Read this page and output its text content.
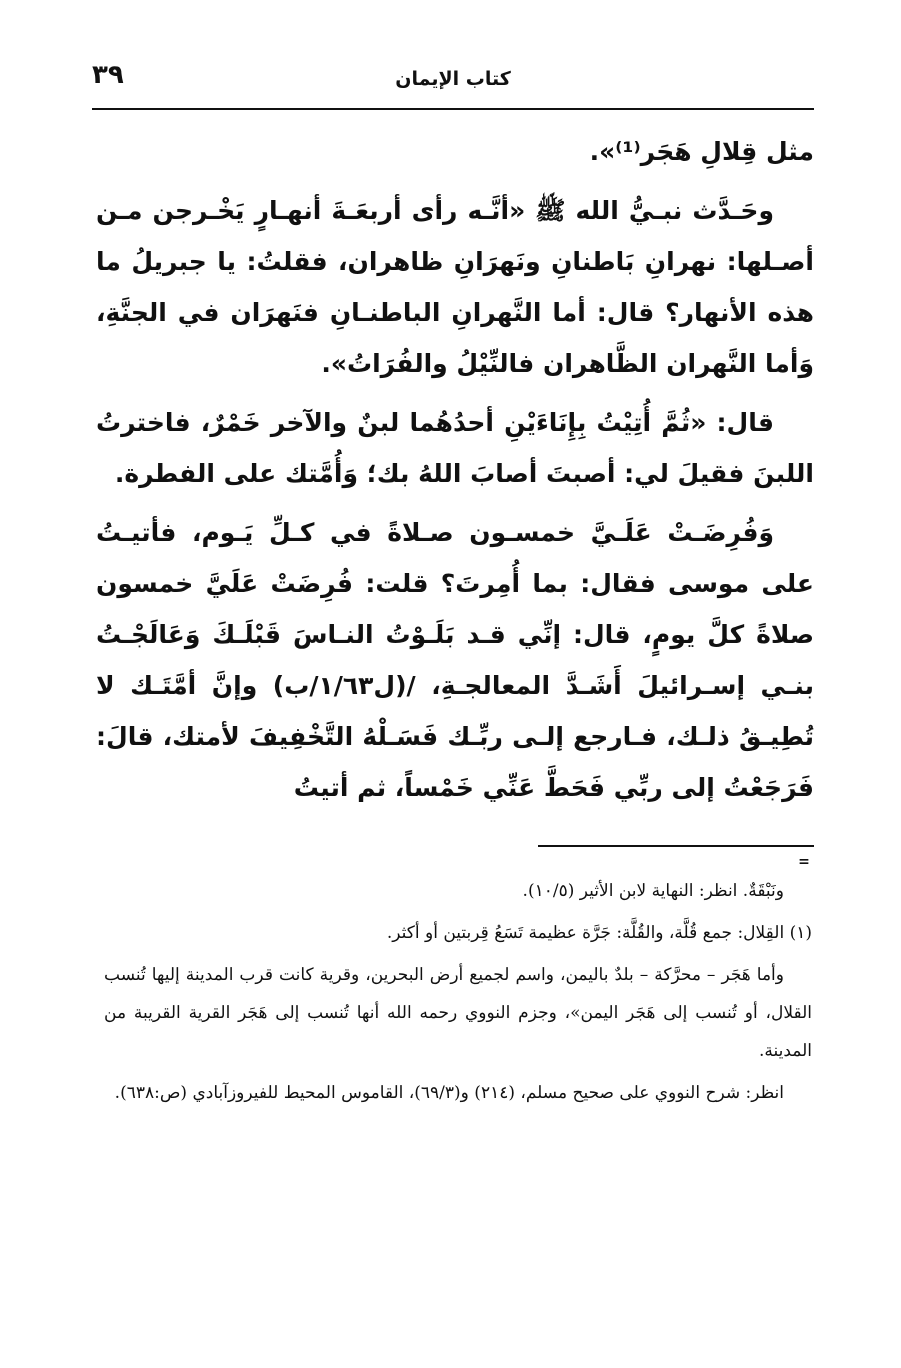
٣٩	كتاب الإيمان

مثل قِلالِ هَجَر⁽¹⁾».

وحَـدَّث نبـيُّ الله ﷺ «أنَّـه رأى أربعَـةَ أنهـارٍ يَخْـرجن مـن أصـلها: نهرانِ بَاطنانِ ونَهرَانِ ظاهران، فقلتُ: يا جبريلُ ما هذه الأنهار؟ قال: أما النَّهرانِ الباطنـانِ فنَهرَان في الجنَّةِ، وَأما النَّهران الظَّاهران فالنِّيْلُ والفُرَاتُ».

قال: «ثُمَّ أُتِيْتُ بِإِنَاءَيْنِ أحدُهُما لبنٌ والآخر خَمْرٌ، فاخترتُ اللبنَ فقيلَ لي: أصبتَ أصابَ اللهُ بك؛ وَأُمَّتك على الفطرة.

وَفُرِضَـتْ عَلَـيَّ خمسـون صـلاةً في كـلِّ يَـوم، فأتيـتُ على موسى فقال: بما أُمِرتَ؟ قلت: فُرِضَتْ عَلَيَّ خمسون صلاةً كلَّ يومٍ، قال: إنِّي قـد بَلَـوْتُ النـاسَ قَبْلَـكَ وَعَالَجْـتُ بنـي إسـرائيلَ أَشَـدَّ المعالجـةِ، /(ل١/٦٣/ب) وإنَّ أمَّتَـك لا تُطِيـقُ ذلـك، فـارجع إلـى ربِّـك فَسَـلْهُ التَّخْفِيفَ لأمتك، قالَ: فَرَجَعْتُ إلى ربِّي فَحَطَّ عَنِّي خَمْساً، ثم أتيتُ

=

ونَبْقَةٌ. انظر: النهاية لابن الأثير (١٠/٥).

(١) القِلال: جمع قُلَّة، والقُلَّة: جَرَّة عظيمة تَسَعُ قِربتين أو أكثر.

وأما هَجَر – محرَّكة – بلدٌ باليمن، واسم لجميع أرض البحرين، وقرية كانت قرب المدينة إليها تُنسب القلال، أو تُنسب إلى هَجَر اليمن»، وجزم النووي رحمه الله أنها تُنسب إلى هَجَر القرية القريبة من المدينة.

انظر: شرح النووي على صحيح مسلم، (٢١٤) و(٦٩/٣)، القاموس المحيط للفيروزآبادي (ص:٦٣٨).
